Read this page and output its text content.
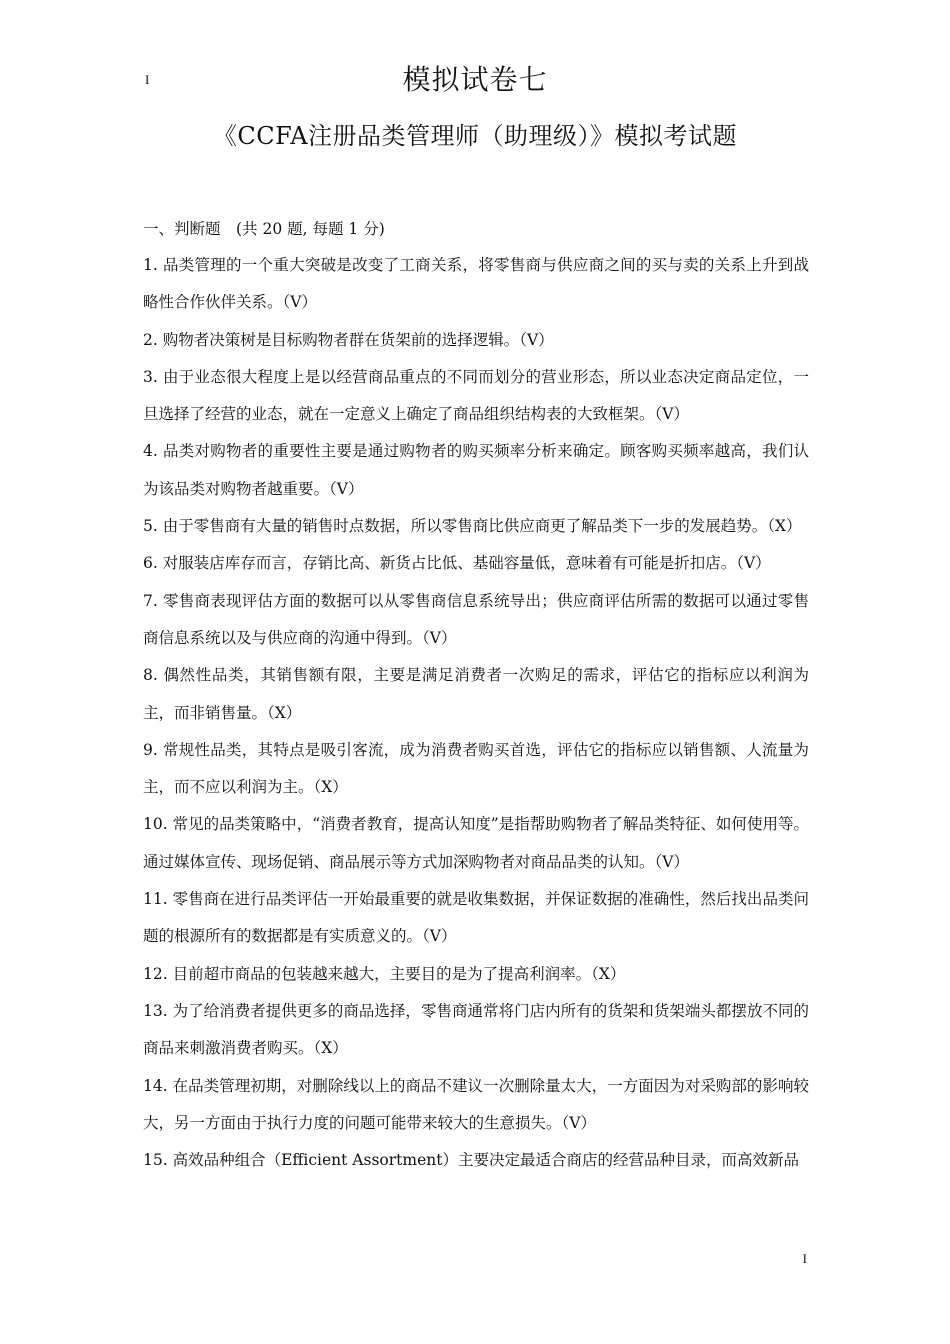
I	模拟试卷七
《CCFA注册品类管理师（助理级）》模拟考试题

一、判断题　(共 20 题, 每题 1 分)

1. 品类管理的一个重大突破是改变了工商关系，将零售商与供应商之间的买与卖的关系上升到战略性合作伙伴关系。（V）

2. 购物者决策树是目标购物者群在货架前的选择逻辑。（V）

3. 由于业态很大程度上是以经营商品重点的不同而划分的营业形态，所以业态决定商品定位，一旦选择了经营的业态，就在一定意义上确定了商品组织结构表的大致框架。（V）

4. 品类对购物者的重要性主要是通过购物者的购买频率分析来确定。顾客购买频率越高，我们认为该品类对购物者越重要。（V）

5. 由于零售商有大量的销售时点数据，所以零售商比供应商更了解品类下一步的发展趋势。（X）

6. 对服装店库存而言，存销比高、新货占比低、基础容量低，意味着有可能是折扣店。（V）

7. 零售商表现评估方面的数据可以从零售商信息系统导出；供应商评估所需的数据可以通过零售商信息系统以及与供应商的沟通中得到。（V）

8. 偶然性品类，其销售额有限，主要是满足消费者一次购足的需求，评估它的指标应以利润为主，而非销售量。（X）

9. 常规性品类，其特点是吸引客流，成为消费者购买首选，评估它的指标应以销售额、人流量为主，而不应以利润为主。（X）

10. 常见的品类策略中，“消费者教育，提高认知度”是指帮助购物者了解品类特征、如何使用等。通过媒体宣传、现场促销、商品展示等方式加深购物者对商品品类的认知。（V）

11. 零售商在进行品类评估一开始最重要的就是收集数据，并保证数据的准确性，然后找出品类问题的根源所有的数据都是有实质意义的。（V）

12. 目前超市商品的包装越来越大，主要目的是为了提高利润率。（X）

13. 为了给消费者提供更多的商品选择，零售商通常将门店内所有的货架和货架端头都摆放不同的商品来刺激消费者购买。（X）

14. 在品类管理初期，对删除线以上的商品不建议一次删除量太大，一方面因为对采购部的影响较大，另一方面由于执行力度的问题可能带来较大的生意损失。（V）

15. 高效品种组合（Efficient Assortment）主要决定最适合商店的经营品种目录，而高效新品

I
